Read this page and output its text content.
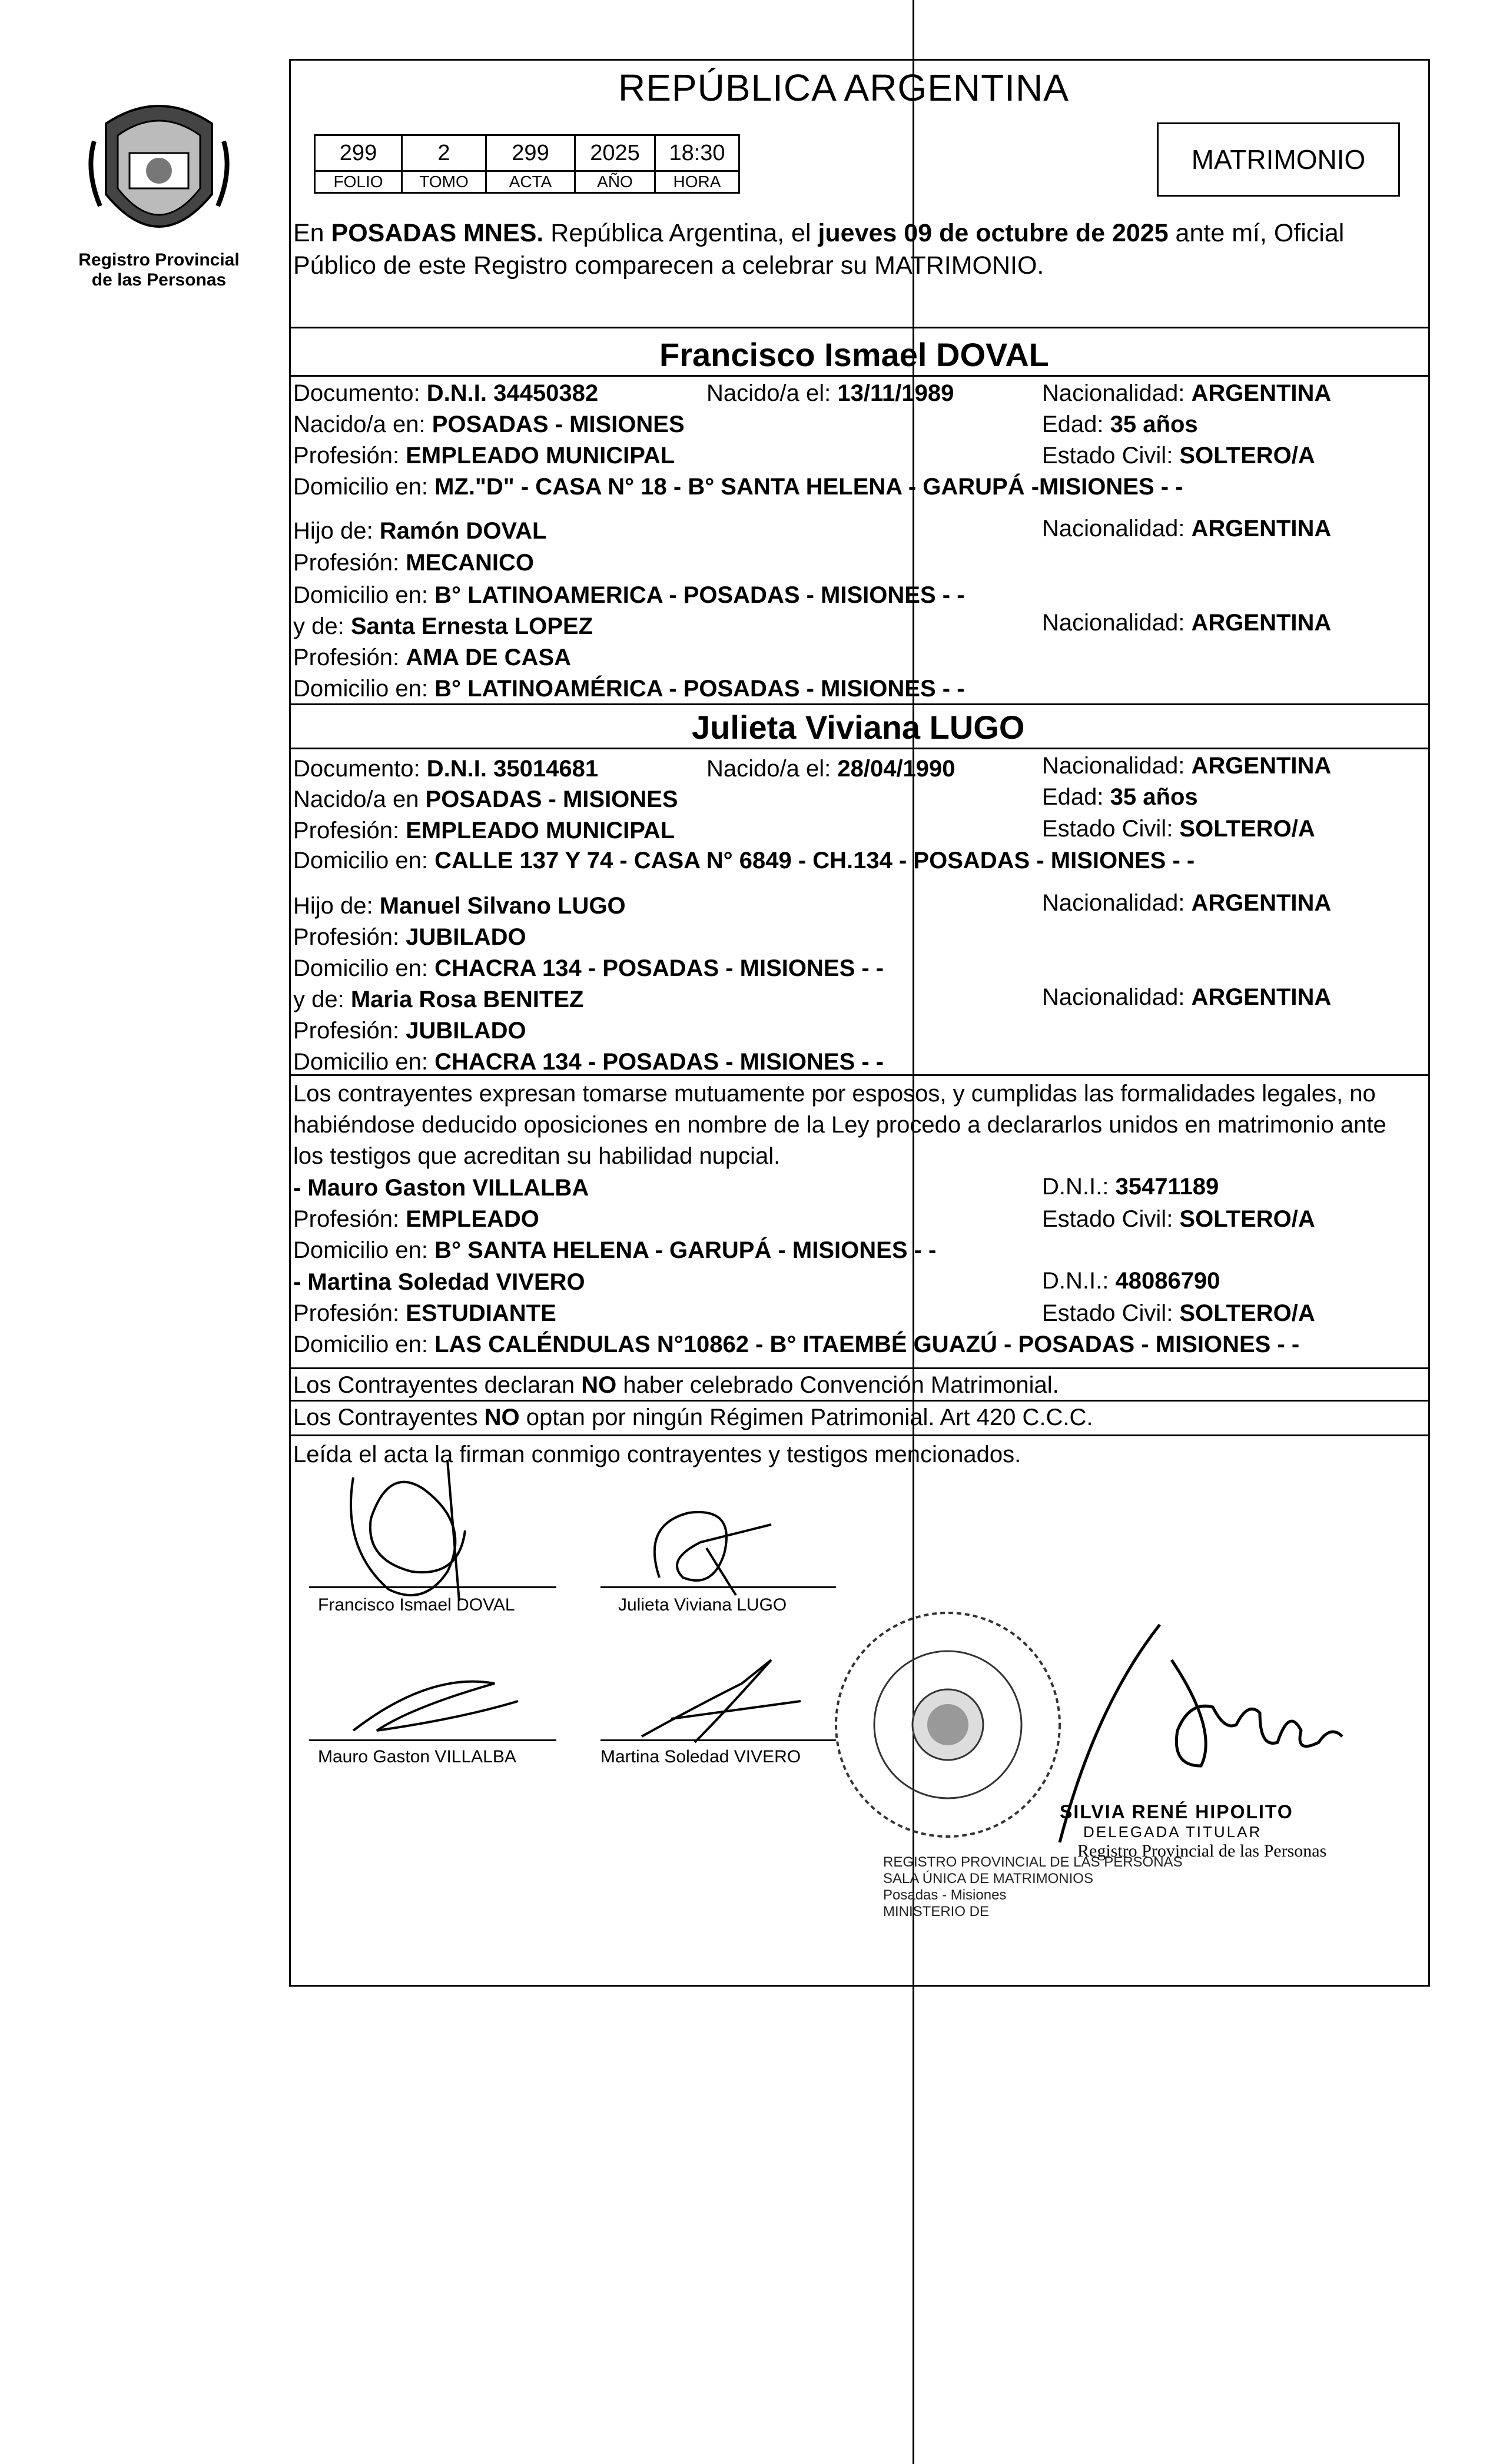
Registro Provincial
de las Personas
REPÚBLICA ARGENTINA
299	2	299	2025	18:30
FOLIO	TOMO	ACTA	AÑO	HORA
MATRIMONIO
En POSADAS MNES. República Argentina, el jueves 09 de octubre de 2025 ante mí, Oficial
Público de este Registro comparecen a celebrar su MATRIMONIO.
Francisco Ismael DOVAL
Documento: D.N.I. 34450382	Nacido/a el: 13/11/1989	Nacionalidad: ARGENTINA
Nacido/a en: POSADAS - MISIONES	Edad: 35 años
Profesión: EMPLEADO MUNICIPAL	Estado Civil: SOLTERO/A
Domicilio en: MZ."D" - CASA N° 18 - B° SANTA HELENA - GARUPÁ -MISIONES - -
Hijo de: Ramón DOVAL	Nacionalidad: ARGENTINA
Profesión: MECANICO
Domicilio en: B° LATINOAMERICA - POSADAS - MISIONES - -
y de: Santa Ernesta LOPEZ	Nacionalidad: ARGENTINA
Profesión: AMA DE CASA
Domicilio en: B° LATINOAMÉRICA - POSADAS - MISIONES - -
Julieta Viviana LUGO
Documento: D.N.I. 35014681	Nacido/a el: 28/04/1990	Nacionalidad: ARGENTINA
Nacido/a en POSADAS - MISIONES	Edad: 35 años
Profesión: EMPLEADO MUNICIPAL	Estado Civil: SOLTERO/A
Domicilio en: CALLE 137 Y 74 - CASA N° 6849 - CH.134 - POSADAS - MISIONES - -
Hijo de: Manuel Silvano LUGO	Nacionalidad: ARGENTINA
Profesión: JUBILADO
Domicilio en: CHACRA 134 - POSADAS - MISIONES - -
y de: Maria Rosa BENITEZ	Nacionalidad: ARGENTINA
Profesión: JUBILADO
Domicilio en: CHACRA 134 - POSADAS - MISIONES - -
Los contrayentes expresan tomarse mutuamente por esposos, y cumplidas las formalidades legales, no
habiéndose deducido oposiciones en nombre de la Ley procedo a declararlos unidos en matrimonio ante
los testigos que acreditan su habilidad nupcial.
- Mauro Gaston VILLALBA	D.N.I.: 35471189
Profesión: EMPLEADO	Estado Civil: SOLTERO/A
Domicilio en: B° SANTA HELENA - GARUPÁ - MISIONES - -
- Martina Soledad VIVERO	D.N.I.: 48086790
Profesión: ESTUDIANTE	Estado Civil: SOLTERO/A
Domicilio en: LAS CALÉNDULAS N°10862 - B° ITAEMBÉ GUAZÚ - POSADAS - MISIONES - -
Los Contrayentes declaran NO haber celebrado Convención Matrimonial.
Los Contrayentes NO optan por ningún Régimen Patrimonial. Art 420 C.C.C.
Leída el acta la firman conmigo contrayentes y testigos mencionados.
Francisco Ismael DOVAL	Julieta Viviana LUGO
Mauro Gaston VILLALBA	Martina Soledad VIVERO
REGISTRO PROVINCIAL DE LAS PERSONAS
SALA ÚNICA DE MATRIMONIOS
Posadas - Misiones
MINISTERIO DE
SILVIA RENÉ HIPOLITO
DELEGADA TITULAR
Registro Provincial de las Personas
